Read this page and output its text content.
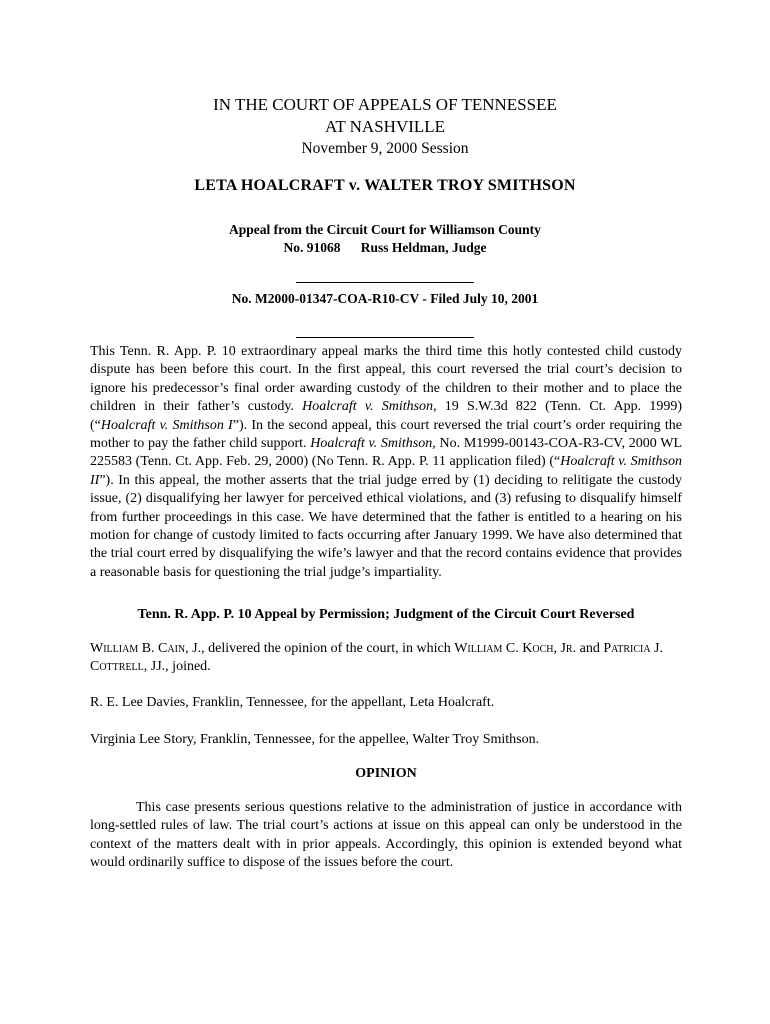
IN THE COURT OF APPEALS OF TENNESSEE
AT NASHVILLE
November 9, 2000 Session
LETA HOALCRAFT v. WALTER TROY SMITHSON
Appeal from the Circuit Court for Williamson County
No. 91068      Russ Heldman, Judge
No. M2000-01347-COA-R10-CV - Filed July 10, 2001

This Tenn. R. App. P. 10 extraordinary appeal marks the third time this hotly contested child custody dispute has been before this court. In the first appeal, this court reversed the trial court’s decision to ignore his predecessor’s final order awarding custody of the children to their mother and to place the children in their father’s custody. Hoalcraft v. Smithson, 19 S.W.3d 822 (Tenn. Ct. App. 1999) (“Hoalcraft v. Smithson I”). In the second appeal, this court reversed the trial court’s order requiring the mother to pay the father child support. Hoalcraft v. Smithson, No. M1999-00143-COA-R3-CV, 2000 WL 225583 (Tenn. Ct. App. Feb. 29, 2000) (No Tenn. R. App. P. 11 application filed) (“Hoalcraft v. Smithson II”). In this appeal, the mother asserts that the trial judge erred by (1) deciding to relitigate the custody issue, (2) disqualifying her lawyer for perceived ethical violations, and (3) refusing to disqualify himself from further proceedings in this case. We have determined that the father is entitled to a hearing on his motion for change of custody limited to facts occurring after January 1999. We have also determined that the trial court erred by disqualifying the wife’s lawyer and that the record contains evidence that provides a reasonable basis for questioning the trial judge’s impartiality.

Tenn. R. App. P. 10 Appeal by Permission; Judgment of the Circuit Court Reversed

William B. Cain, J., delivered the opinion of the court, in which William C. Koch, Jr. and Patricia J. Cottrell, JJ., joined.

R. E. Lee Davies, Franklin, Tennessee, for the appellant, Leta Hoalcraft.

Virginia Lee Story, Franklin, Tennessee, for the appellee, Walter Troy Smithson.

OPINION

This case presents serious questions relative to the administration of justice in accordance with long-settled rules of law. The trial court’s actions at issue on this appeal can only be understood in the context of the matters dealt with in prior appeals. Accordingly, this opinion is extended beyond what would ordinarily suffice to dispose of the issues before the court.
